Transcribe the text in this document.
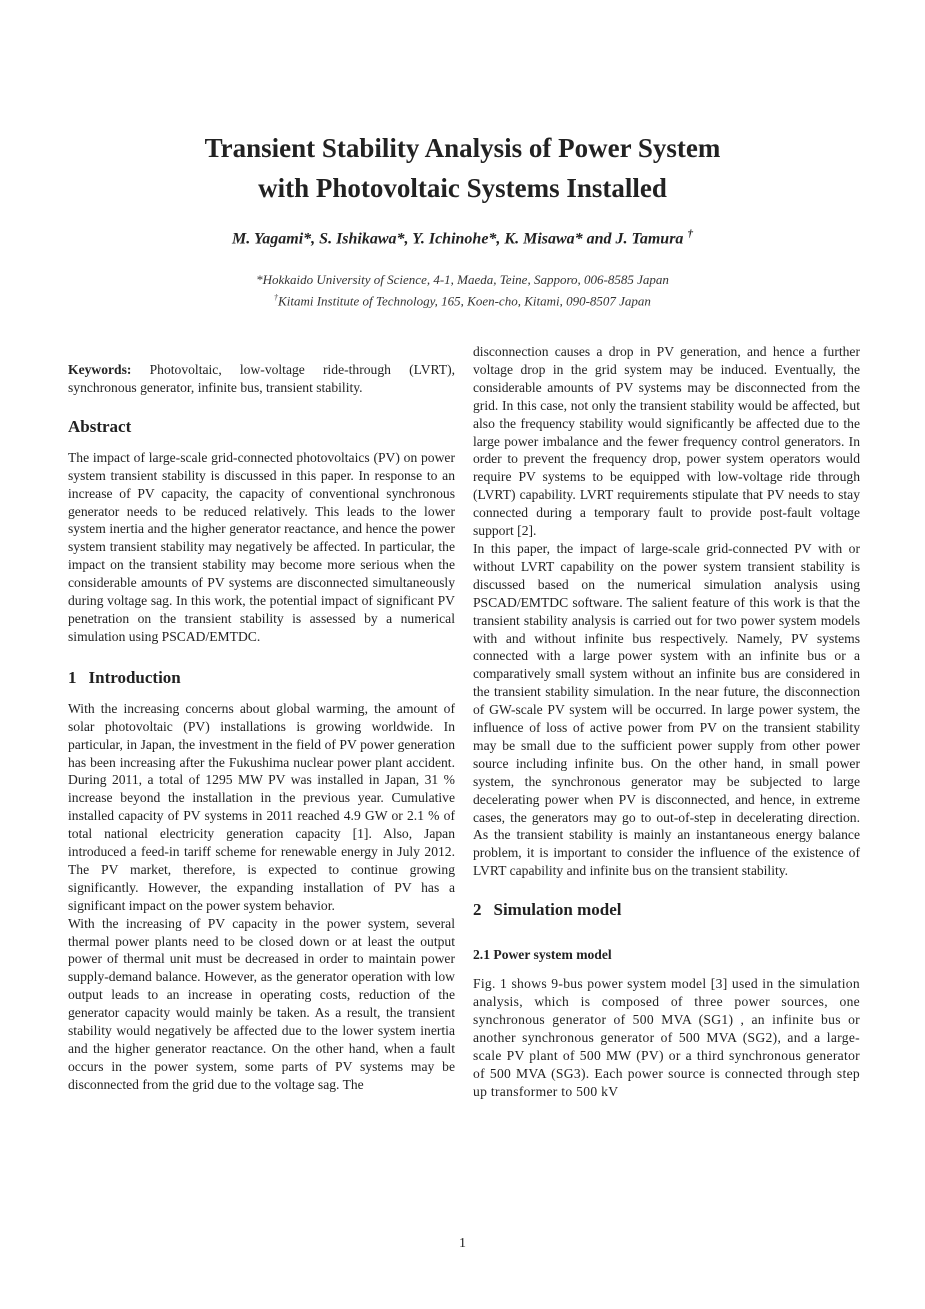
Transient Stability Analysis of Power System
with Photovoltaic Systems Installed
M. Yagami*, S. Ishikawa*, Y. Ichinohe*, K. Misawa* and J. Tamura †
*Hokkaido University of Science, 4-1, Maeda, Teine, Sapporo, 006-8585 Japan
†Kitami Institute of Technology, 165, Koen-cho, Kitami, 090-8507 Japan

Keywords: Photovoltaic, low-voltage ride-through (LVRT), synchronous generator, infinite bus, transient stability.

Abstract

The impact of large-scale grid-connected photovoltaics (PV) on power system transient stability is discussed in this paper. In response to an increase of PV capacity, the capacity of conventional synchronous generator needs to be reduced relatively. This leads to the lower system inertia and the higher generator reactance, and hence the power system transient stability may negatively be affected. In particular, the impact on the transient stability may become more serious when the considerable amounts of PV systems are disconnected simultaneously during voltage sag. In this work, the potential impact of significant PV penetration on the transient stability is assessed by a numerical simulation using PSCAD/EMTDC.

1 Introduction

With the increasing concerns about global warming, the amount of solar photovoltaic (PV) installations is growing worldwide. In particular, in Japan, the investment in the field of PV power generation has been increasing after the Fukushima nuclear power plant accident. During 2011, a total of 1295 MW PV was installed in Japan, 31 % increase beyond the installation in the previous year. Cumulative installed capacity of PV systems in 2011 reached 4.9 GW or 2.1 % of total national electricity generation capacity [1]. Also, Japan introduced a feed-in tariff scheme for renewable energy in July 2012. The PV market, therefore, is expected to continue growing significantly. However, the expanding installation of PV has a significant impact on the power system behavior.

With the increasing of PV capacity in the power system, several thermal power plants need to be closed down or at least the output power of thermal unit must be decreased in order to maintain power supply-demand balance. However, as the generator operation with low output leads to an increase in operating costs, reduction of the generator capacity would mainly be taken. As a result, the transient stability would negatively be affected due to the lower system inertia and the higher generator reactance. On the other hand, when a fault occurs in the power system, some parts of PV systems may be disconnected from the grid due to the voltage sag. The

disconnection causes a drop in PV generation, and hence a further voltage drop in the grid system may be induced. Eventually, the considerable amounts of PV systems may be disconnected from the grid. In this case, not only the transient stability would be affected, but also the frequency stability would significantly be affected due to the large power imbalance and the fewer frequency control generators. In order to prevent the frequency drop, power system operators would require PV systems to be equipped with low-voltage ride through (LVRT) capability. LVRT requirements stipulate that PV needs to stay connected during a temporary fault to provide post-fault voltage support [2].

In this paper, the impact of large-scale grid-connected PV with or without LVRT capability on the power system transient stability is discussed based on the numerical simulation analysis using PSCAD/EMTDC software. The salient feature of this work is that the transient stability analysis is carried out for two power system models with and without infinite bus respectively. Namely, PV systems connected with a large power system with an infinite bus or a comparatively small system without an infinite bus are considered in the transient stability simulation. In the near future, the disconnection of GW-scale PV system will be occurred. In large power system, the influence of loss of active power from PV on the transient stability may be small due to the sufficient power supply from other power source including infinite bus. On the other hand, in small power system, the synchronous generator may be subjected to large decelerating power when PV is disconnected, and hence, in extreme cases, the generators may go to out-of-step in decelerating direction. As the transient stability is mainly an instantaneous energy balance problem, it is important to consider the influence of the existence of LVRT capability and infinite bus on the transient stability.

2 Simulation model
2.1 Power system model

Fig. 1 shows 9-bus power system model [3] used in the simulation analysis, which is composed of three power sources, one synchronous generator of 500 MVA (SG1) , an infinite bus or another synchronous generator of 500 MVA (SG2), and a large-scale PV plant of 500 MW (PV) or a third synchronous generator of 500 MVA (SG3). Each power source is connected through step up transformer to 500 kV

1
